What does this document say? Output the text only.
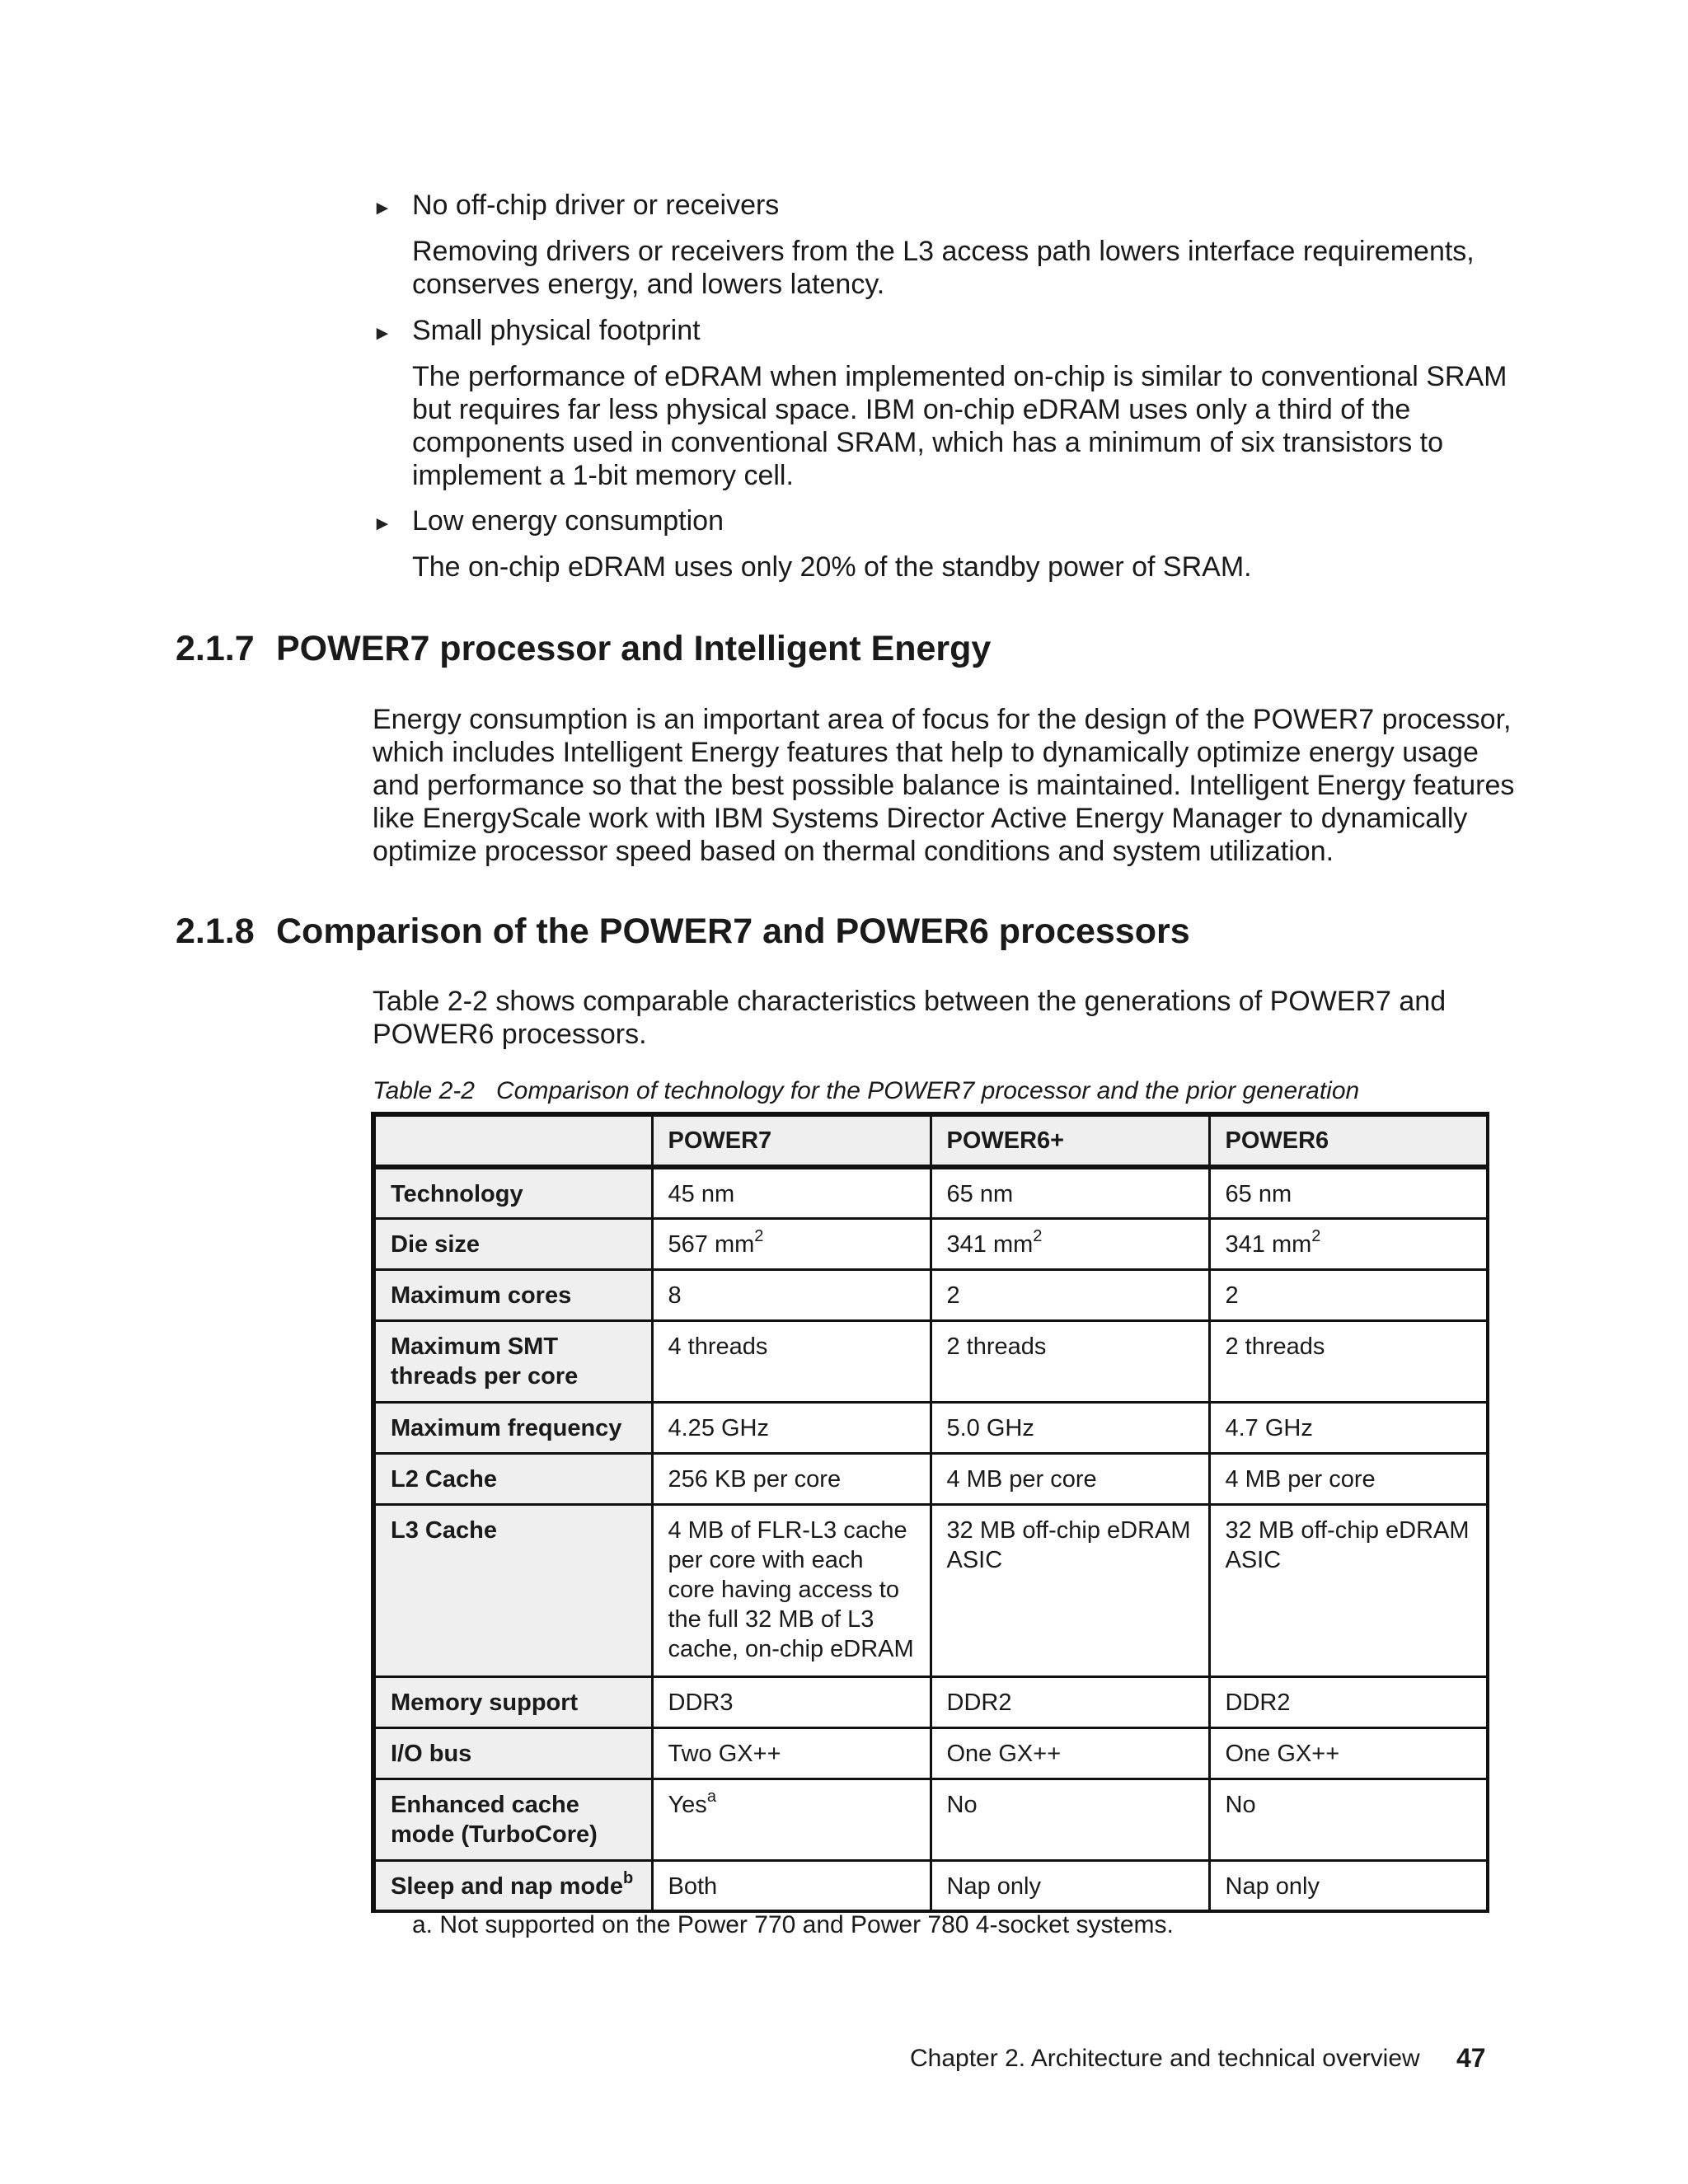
► No off-chip driver or receivers
Removing drivers or receivers from the L3 access path lowers interface requirements, conserves energy, and lowers latency.
► Small physical footprint
The performance of eDRAM when implemented on-chip is similar to conventional SRAM but requires far less physical space. IBM on-chip eDRAM uses only a third of the components used in conventional SRAM, which has a minimum of six transistors to implement a 1-bit memory cell.
► Low energy consumption
The on-chip eDRAM uses only 20% of the standby power of SRAM.
2.1.7 POWER7 processor and Intelligent Energy
Energy consumption is an important area of focus for the design of the POWER7 processor, which includes Intelligent Energy features that help to dynamically optimize energy usage and performance so that the best possible balance is maintained. Intelligent Energy features like EnergyScale work with IBM Systems Director Active Energy Manager to dynamically optimize processor speed based on thermal conditions and system utilization.
2.1.8 Comparison of the POWER7 and POWER6 processors
Table 2-2 shows comparable characteristics between the generations of POWER7 and POWER6 processors.
Table 2-2 Comparison of technology for the POWER7 processor and the prior generation
	POWER7	POWER6+	POWER6
Technology	45 nm	65 nm	65 nm
Die size	567 $mm^2$	341 $mm^2$	341 $mm^2$
Maximum cores	8	2	2
Maximum SMT threads per core	4 threads	2 threads	2 threads
Maximum frequency	4.25 GHz	5.0 GHz	4.7 GHz
L2 Cache	256 KB per core	4 MB per core	4 MB per core
L3 Cache	4 MB of FLR-L3 cache per core with each core having access to the full 32 MB of L3 cache, on-chip eDRAM	32 MB off-chip eDRAM ASIC	32 MB off-chip eDRAM ASIC
Memory support	DDR3	DDR2	DDR2
I/O bus	Two GX++	One GX++	One GX++
Enhanced cache mode (TurboCore)	Yes$^a$	No	No
Sleep and nap mode$^b$	Both	Nap only	Nap only
a. Not supported on the Power 770 and Power 780 4-socket systems.
Chapter 2. Architecture and technical overview 47
